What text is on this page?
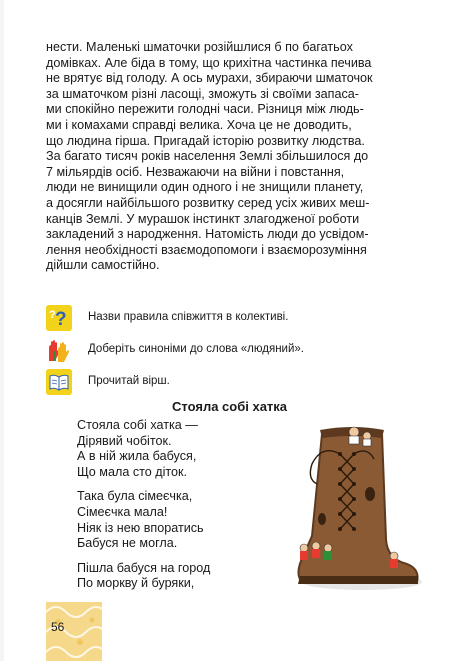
нести. Маленькі шматочки розійшлися б по багатьох
домівках. Але біда в тому, що крихітна частинка печива
не врятує від голоду. А ось мурахи, збираючи шматочок
за шматочком різні ласощі, зможуть зі своїми запаса-
ми спокійно пережити голодні часи. Різниця між людь-
ми і комахами справді велика. Хоча це не доводить,
що людина гірша. Пригадай історію розвитку людства.
За багато тисяч років населення Землі збільшилося до
7 мільярдів осіб. Незважаючи на війни і повстання,
люди не винищили один одного і не знищили планету,
а досягли найбільшого розвитку серед усіх живих меш-
канців Землі. У мурашок інстинкт злагодженої роботи
закладений з народження. Натомість люди до усвідом-
лення необхідності взаємодопомоги і взаєморозуміння
дійшли самостійно.

?
?	Назви правила співжиття в колективі.
Доберіть синоніми до слова «людяний».
Прочитай вірш.
Стояла собі хатка

Стояла собі хатка —
Дірявий чобіток.
А в ній жила бабуся,
Що мала сто діток.

Така була сімеєчка,
Сімеєчка мала!
Ніяк із нею впоратись
Бабуся не могла.

Пішла бабуся на город
По моркву й буряки,

56
